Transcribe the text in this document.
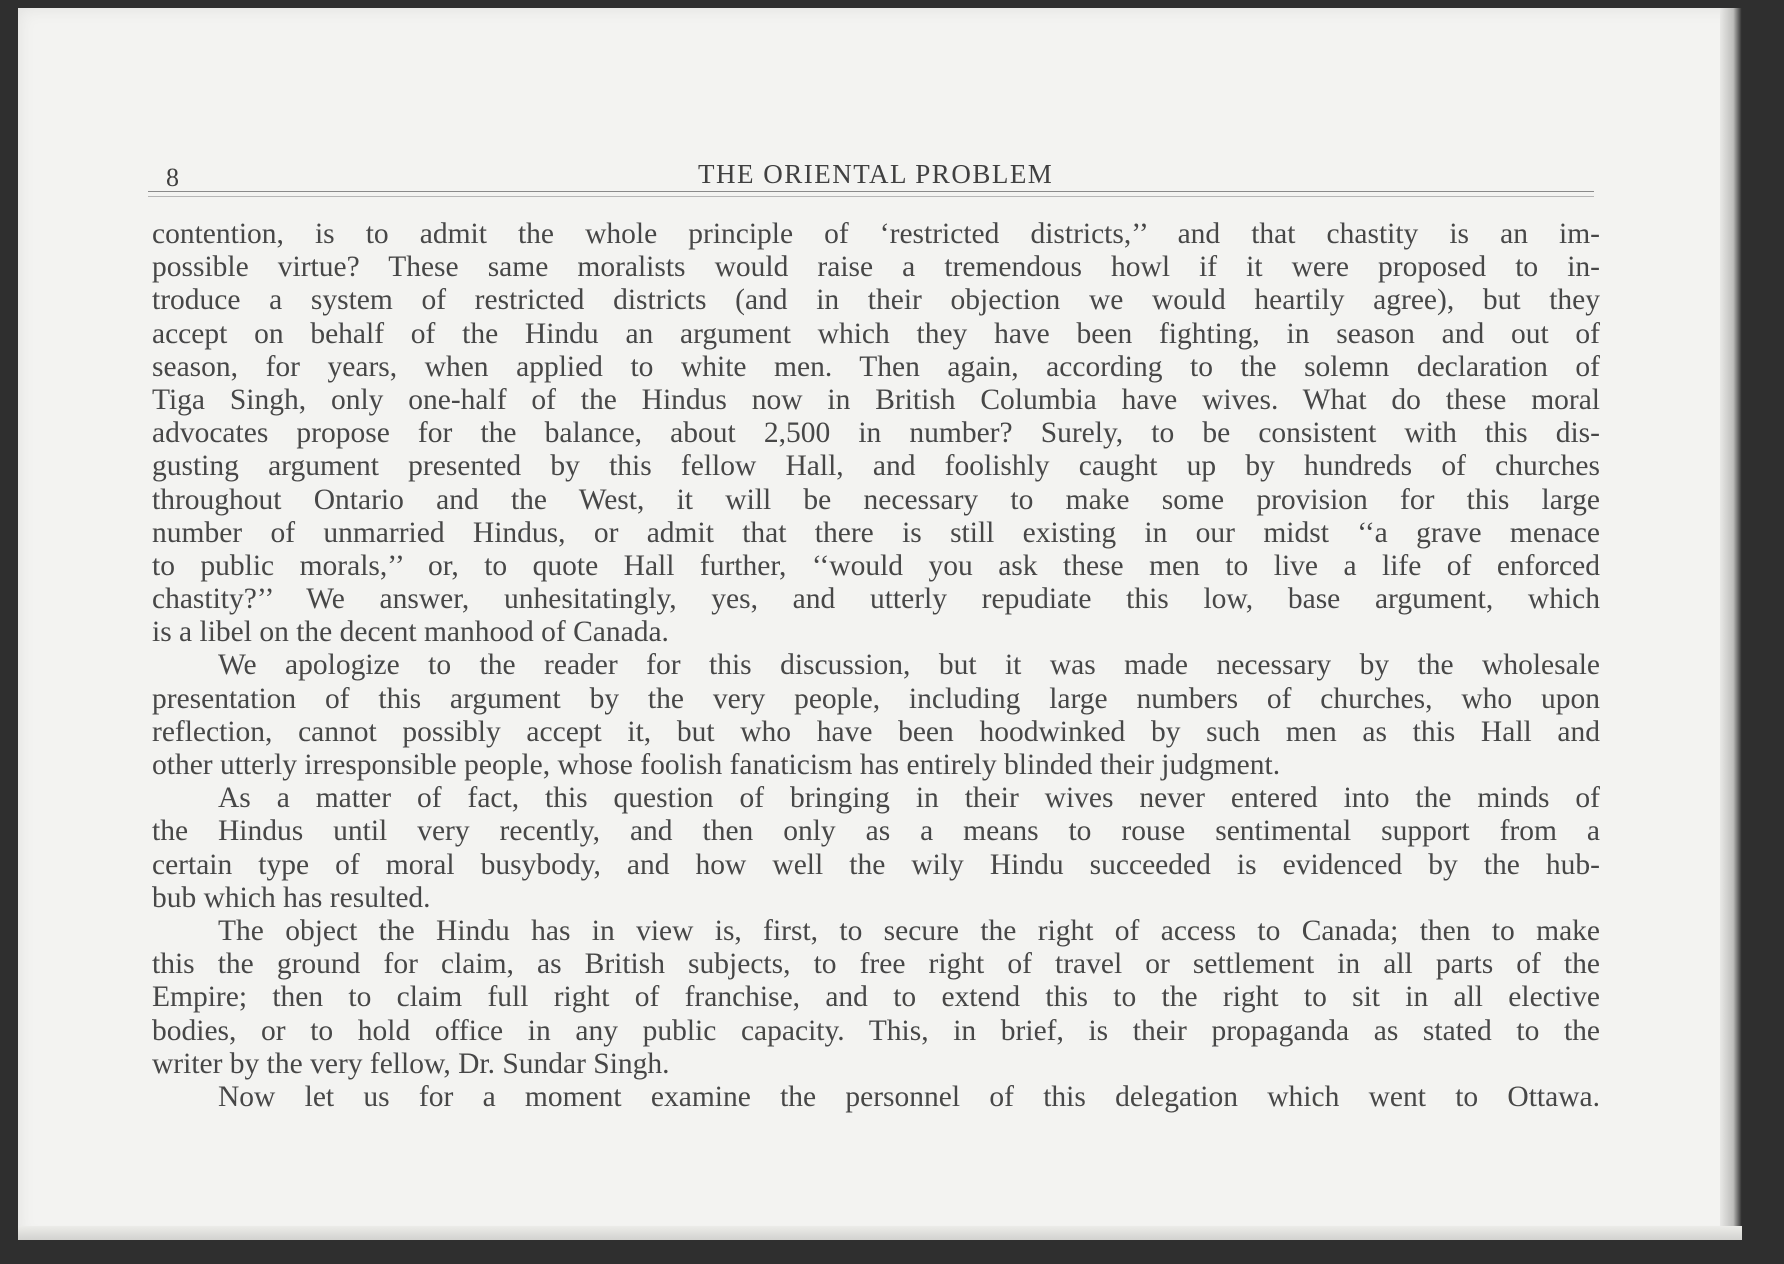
8	THE ORIENTAL PROBLEM
contention, is to admit the whole principle of ‘restricted districts,’’ and that chastity is an im-
possible virtue? These same moralists would raise a tremendous howl if it were proposed to in-
troduce a system of restricted districts (and in their objection we would heartily agree), but they
accept on behalf of the Hindu an argument which they have been fighting, in season and out of
season, for years, when applied to white men. Then again, according to the solemn declaration of
Tiga Singh, only one-half of the Hindus now in British Columbia have wives. What do these moral
advocates propose for the balance, about 2,500 in number? Surely, to be consistent with this dis-
gusting argument presented by this fellow Hall, and foolishly caught up by hundreds of churches
throughout Ontario and the West, it will be necessary to make some provision for this large
number of unmarried Hindus, or admit that there is still existing in our midst ‘‘a grave menace
to public morals,’’ or, to quote Hall further, ‘‘would you ask these men to live a life of enforced
chastity?’’ We answer, unhesitatingly, yes, and utterly repudiate this low, base argument, which
is a libel on the decent manhood of Canada.
We apologize to the reader for this discussion, but it was made necessary by the wholesale
presentation of this argument by the very people, including large numbers of churches, who upon
reflection, cannot possibly accept it, but who have been hoodwinked by such men as this Hall and
other utterly irresponsible people, whose foolish fanaticism has entirely blinded their judgment.
As a matter of fact, this question of bringing in their wives never entered into the minds of
the Hindus until very recently, and then only as a means to rouse sentimental support from a
certain type of moral busybody, and how well the wily Hindu succeeded is evidenced by the hub-
bub which has resulted.
The object the Hindu has in view is, first, to secure the right of access to Canada; then to make
this the ground for claim, as British subjects, to free right of travel or settlement in all parts of the
Empire; then to claim full right of franchise, and to extend this to the right to sit in all elective
bodies, or to hold office in any public capacity. This, in brief, is their propaganda as stated to the
writer by the very fellow, Dr. Sundar Singh.
Now let us for a moment examine the personnel of this delegation which went to Ottawa.
